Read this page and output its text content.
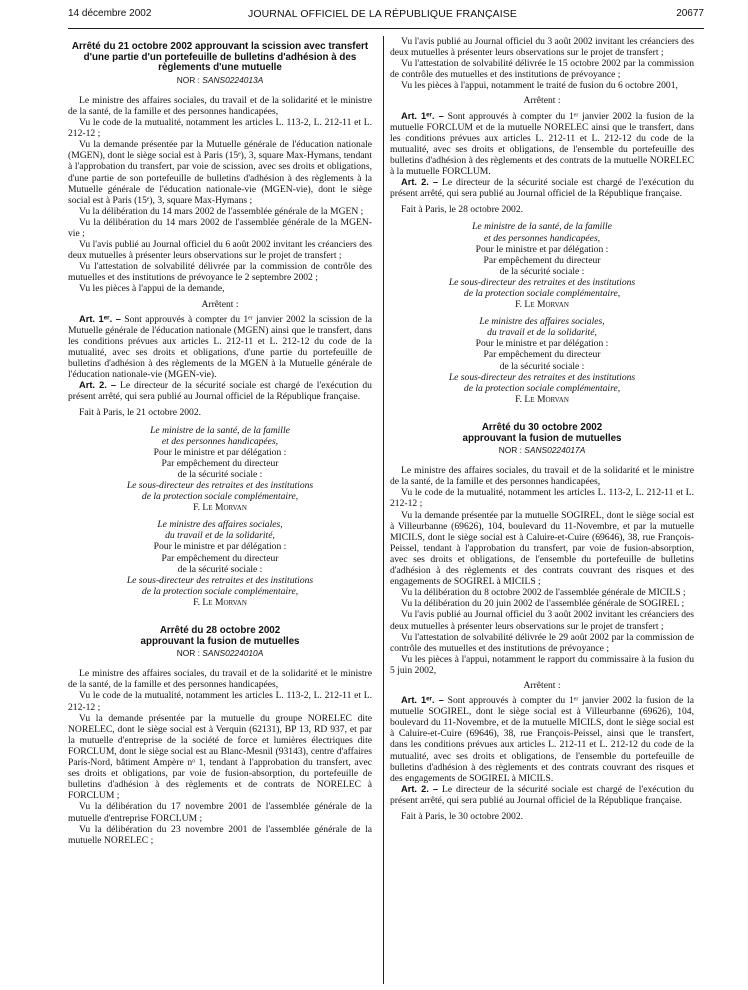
14 décembre 2002	JOURNAL OFFICIEL DE LA RÉPUBLIQUE FRANÇAISE	20677
Arrêté du 21 octobre 2002 approuvant la scission avec transfert d'une partie d'un portefeuille de bulletins d'adhésion à des règlements d'une mutuelle
NOR : SANS0224013A

Le ministre des affaires sociales, du travail et de la solidarité et le ministre de la santé, de la famille et des personnes handicapées,

Vu le code de la mutualité, notamment les articles L. 113-2, L. 212-11 et L. 212-12 ;

Vu la demande présentée par la Mutuelle générale de l'éducation nationale (MGEN), dont le siège social est à Paris (15ᵉ), 3, square Max-Hymans, tendant à l'approbation du transfert, par voie de scission, avec ses droits et obligations, d'une partie de son portefeuille de bulletins d'adhésion à des règlements à la Mutuelle générale de l'éducation nationale-vie (MGEN-vie), dont le siège social est à Paris (15ᵉ), 3, square Max-Hymans ;

Vu la délibération du 14 mars 2002 de l'assemblée générale de la MGEN ;

Vu la délibération du 14 mars 2002 de l'assemblée générale de la MGEN-vie ;

Vu l'avis publié au Journal officiel du 6 août 2002 invitant les créanciers des deux mutuelles à présenter leurs observations sur le projet de transfert ;

Vu l'attestation de solvabilité délivrée par la commission de contrôle des mutuelles et des institutions de prévoyance le 2 septembre 2002 ;

Vu les pièces à l'appui de la demande,

Arrêtent :

Art. 1ᵉʳ. – Sont approuvés à compter du 1ᵉʳ janvier 2002 la scission de la Mutuelle générale de l'éducation nationale (MGEN) ainsi que le transfert, dans les conditions prévues aux articles L. 212-11 et L. 212-12 du code de la mutualité, avec ses droits et obligations, d'une partie du portefeuille de bulletins d'adhésion à des règlements de la MGEN à la Mutuelle générale de l'éducation nationale-vie (MGEN-vie).

Art. 2. – Le directeur de la sécurité sociale est chargé de l'exécution du présent arrêté, qui sera publié au Journal officiel de la République française.

Fait à Paris, le 21 octobre 2002.

Le ministre de la santé, de la famille
et des personnes handicapées,
Pour le ministre et par délégation :
Par empêchement du directeur
de la sécurité sociale :
Le sous-directeur des retraites et des institutions
de la protection sociale complémentaire,
F. Le Morvan
Le ministre des affaires sociales,
du travail et de la solidarité,
Pour le ministre et par délégation :
Par empêchement du directeur
de la sécurité sociale :
Le sous-directeur des retraites et des institutions
de la protection sociale complémentaire,
F. Le Morvan
Arrêté du 28 octobre 2002
approuvant la fusion de mutuelles
NOR : SANS0224010A

Le ministre des affaires sociales, du travail et de la solidarité et le ministre de la santé, de la famille et des personnes handicapées,

Vu le code de la mutualité, notamment les articles L. 113-2, L. 212-11 et L. 212-12 ;

Vu la demande présentée par la mutuelle du groupe NORELEC dite NORELEC, dont le siège social est à Verquin (62131), BP 13, RD 937, et par la mutuelle d'entreprise de la société de force et lumières électriques dite FORCLUM, dont le siège social est au Blanc-Mesnil (93143), centre d'affaires Paris-Nord, bâtiment Ampère nᵒ 1, tendant à l'approbation du transfert, avec ses droits et obligations, par voie de fusion-absorption, du portefeuille de bulletins d'adhésion à des règlements et de contrats de NORELEC à FORCLUM ;

Vu la délibération du 17 novembre 2001 de l'assemblée générale de la mutuelle d'entreprise FORCLUM ;

Vu la délibération du 23 novembre 2001 de l'assemblée générale de la mutuelle NORELEC ;

Vu l'avis publié au Journal officiel du 3 août 2002 invitant les créanciers des deux mutuelles à présenter leurs observations sur le projet de transfert ;

Vu l'attestation de solvabilité délivrée le 15 octobre 2002 par la commission de contrôle des mutuelles et des institutions de prévoyance ;

Vu les pièces à l'appui, notamment le traité de fusion du 6 octobre 2001,

Arrêtent :

Art. 1ᵉʳ. – Sont approuvés à compter du 1ᵉʳ janvier 2002 la fusion de la mutuelle FORCLUM et de la mutuelle NORELEC ainsi que le transfert, dans les conditions prévues aux articles L. 212-11 et L. 212-12 du code de la mutualité, avec ses droits et obligations, de l'ensemble du portefeuille des bulletins d'adhésion à des règlements et des contrats de la mutuelle NORELEC à la mutuelle FORCLUM.

Art. 2. – Le directeur de la sécurité sociale est chargé de l'exécution du présent arrêté, qui sera publié au Journal officiel de la République française.

Fait à Paris, le 28 octobre 2002.

Le ministre de la santé, de la famille
et des personnes handicapées,
Pour le ministre et par délégation :
Par empêchement du directeur
de la sécurité sociale :
Le sous-directeur des retraites et des institutions
de la protection sociale complémentaire,
F. Le Morvan
Le ministre des affaires sociales,
du travail et de la solidarité,
Pour le ministre et par délégation :
Par empêchement du directeur
de la sécurité sociale :
Le sous-directeur des retraites et des institutions
de la protection sociale complémentaire,
F. Le Morvan
Arrêté du 30 octobre 2002
approuvant la fusion de mutuelles
NOR : SANS0224017A

Le ministre des affaires sociales, du travail et de la solidarité et le ministre de la santé, de la famille et des personnes handicapées,

Vu le code de la mutualité, notamment les articles L. 113-2, L. 212-11 et L. 212-12 ;

Vu la demande présentée par la mutuelle SOGIREL, dont le siège social est à Villeurbanne (69626), 104, boulevard du 11-Novembre, et par la mutuelle MICILS, dont le siège social est à Caluire-et-Cuire (69646), 38, rue François-Peissel, tendant à l'approbation du transfert, par voie de fusion-absorption, avec ses droits et obligations, de l'ensemble du portefeuille de bulletins d'adhésion à des règlements et des contrats couvrant des risques et des engagements de SOGIREL à MICILS ;

Vu la délibération du 8 octobre 2002 de l'assemblée générale de MICILS ;

Vu la délibération du 20 juin 2002 de l'assemblée générale de SOGIREL ;

Vu l'avis publié au Journal officiel du 3 août 2002 invitant les créanciers des deux mutuelles à présenter leurs observations sur le projet de transfert ;

Vu l'attestation de solvabilité délivrée le 29 août 2002 par la commission de contrôle des mutuelles et des institutions de prévoyance ;

Vu les pièces à l'appui, notamment le rapport du commissaire à la fusion du 5 juin 2002,

Arrêtent :

Art. 1ᵉʳ. – Sont approuvés à compter du 1ᵉʳ janvier 2002 la fusion de la mutuelle SOGIREL, dont le siège social est à Villeurbanne (69626), 104, boulevard du 11-Novembre, et de la mutuelle MICILS, dont le siège social est à Caluire-et-Cuire (69646), 38, rue François-Peissel, ainsi que le transfert, dans les conditions prévues aux articles L. 212-11 et L. 212-12 du code de la mutualité, avec ses droits et obligations, de l'ensemble du portefeuille de bulletins d'adhésion à des règlements et des contrats couvrant des risques et des engagements de SOGIREL à MICILS.

Art. 2. – Le directeur de la sécurité sociale est chargé de l'exécution du présent arrêté, qui sera publié au Journal officiel de la République française.

Fait à Paris, le 30 octobre 2002.
